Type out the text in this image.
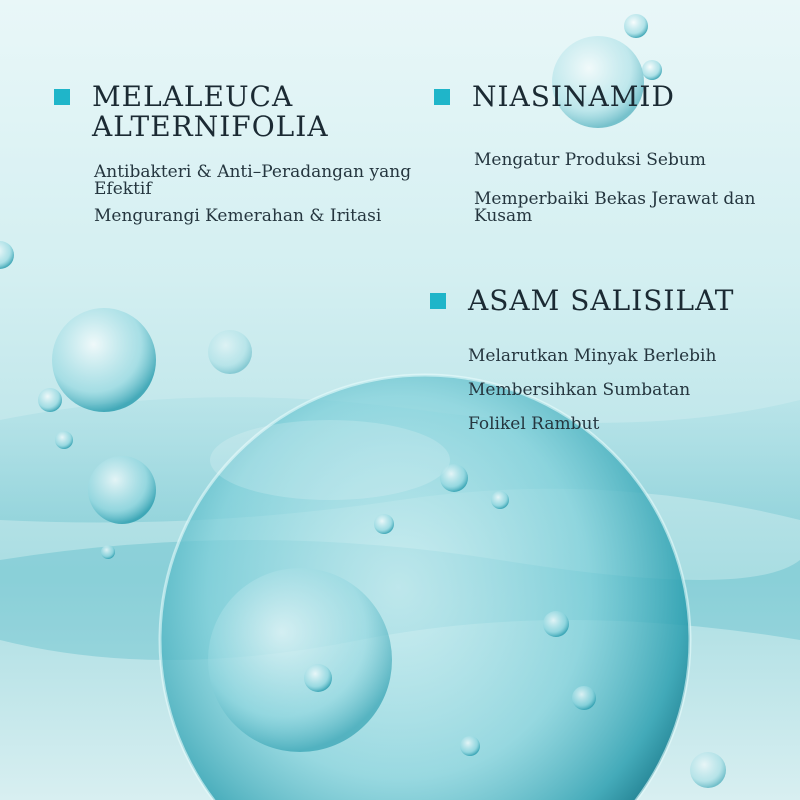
MELALEUCA
ALTERNIFOLIA

Antibakteri & Anti–Peradangan yang Efektif

Mengurangi Kemerahan & Iritasi

NIASINAMID

Mengatur Produksi Sebum

Memperbaiki Bekas Jerawat dan Kusam

ASAM SALISILAT

Melarutkan Minyak Berlebih

Membersihkan Sumbatan

Folikel Rambut
